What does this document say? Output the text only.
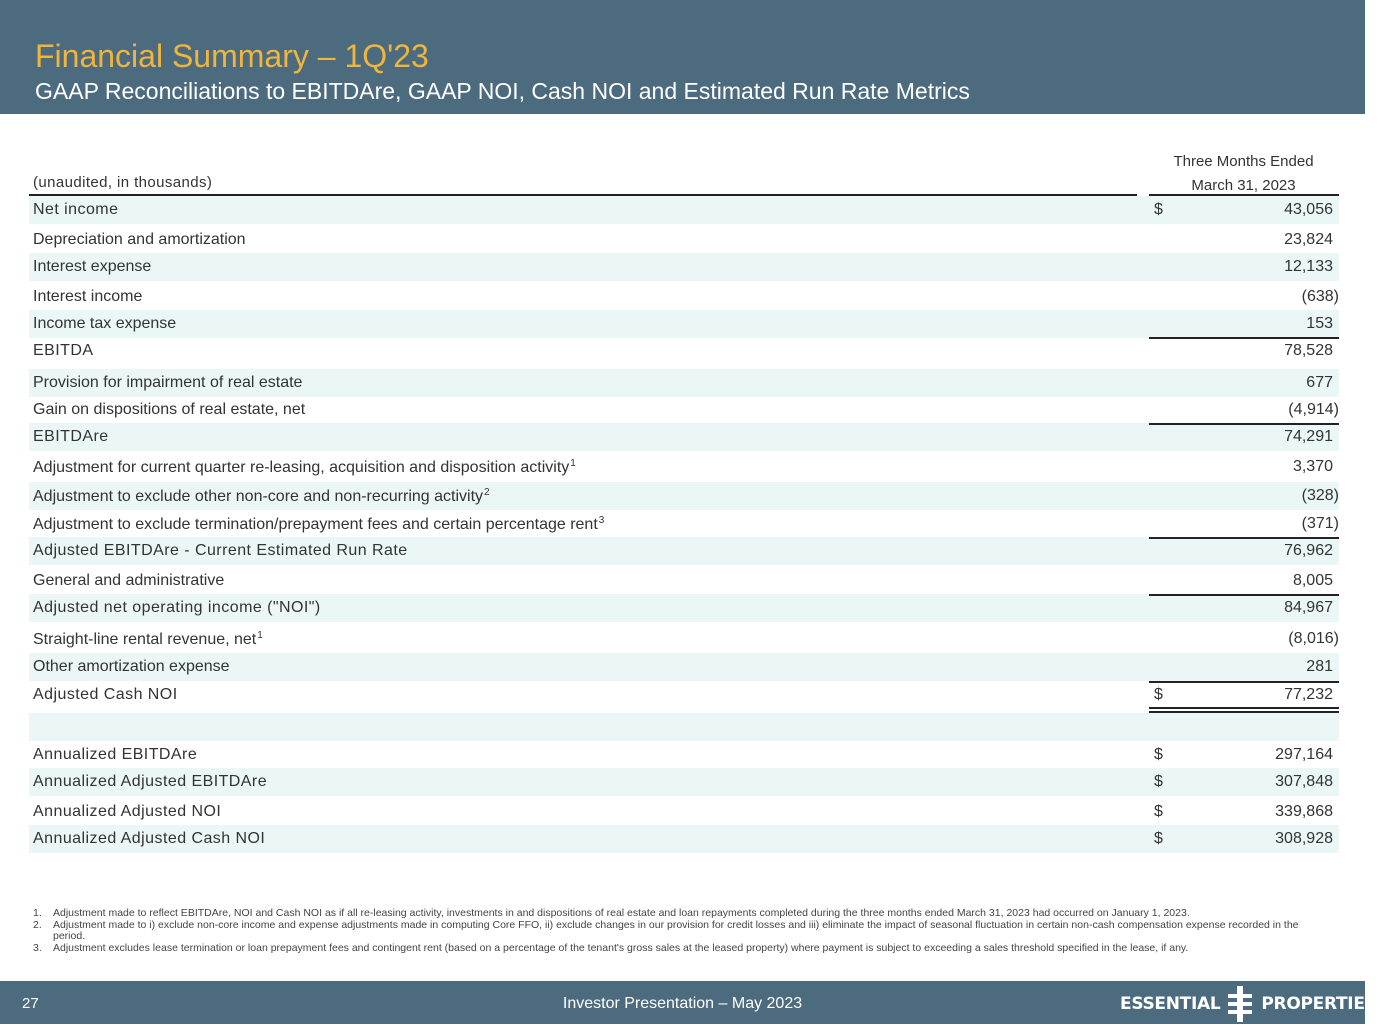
Financial Summary – 1Q'23
GAAP Reconciliations to EBITDAre, GAAP NOI, Cash NOI and Estimated Run Rate Metrics
Three Months Ended
March 31, 2023
(unaudited, in thousands)
Net income	$	43,056
Depreciation and amortization	23,824
Interest expense	12,133
Interest income	(638)
Income tax expense	153
EBITDA	78,528
Provision for impairment of real estate	677
Gain on dispositions of real estate, net	(4,914)
EBITDAre	74,291
Adjustment for current quarter re-leasing, acquisition and disposition activity$^1$	3,370
Adjustment to exclude other non-core and non-recurring activity$^2$	(328)
Adjustment to exclude termination/prepayment fees and certain percentage rent$^3$	(371)
Adjusted EBITDAre - Current Estimated Run Rate	76,962
General and administrative	8,005
Adjusted net operating income ("NOI")	84,967
Straight-line rental revenue, net$^1$	(8,016)
Other amortization expense	281
Adjusted Cash NOI	$	77,232
Annualized EBITDAre	$	297,164
Annualized Adjusted EBITDAre	$	307,848
Annualized Adjusted NOI	$	339,868
Annualized Adjusted Cash NOI	$	308,928
1.	Adjustment made to reflect EBITDAre, NOI and Cash NOI as if all re-leasing activity, investments in and dispositions of real estate and loan repayments completed during the three months ended March 31, 2023 had occurred on January 1, 2023.
2.	Adjustment made to i) exclude non-core income and expense adjustments made in computing Core FFO, ii) exclude changes in our provision for credit losses and iii) eliminate the impact of seasonal fluctuation in certain non-cash compensation expense recorded in the period.
3.	Adjustment excludes lease termination or loan prepayment fees and contingent rent (based on a percentage of the tenant's gross sales at the leased property) where payment is subject to exceeding a sales threshold specified in the lease, if any.
27	Investor Presentation – May 2023	ESSENTIAL PROPERTIES
